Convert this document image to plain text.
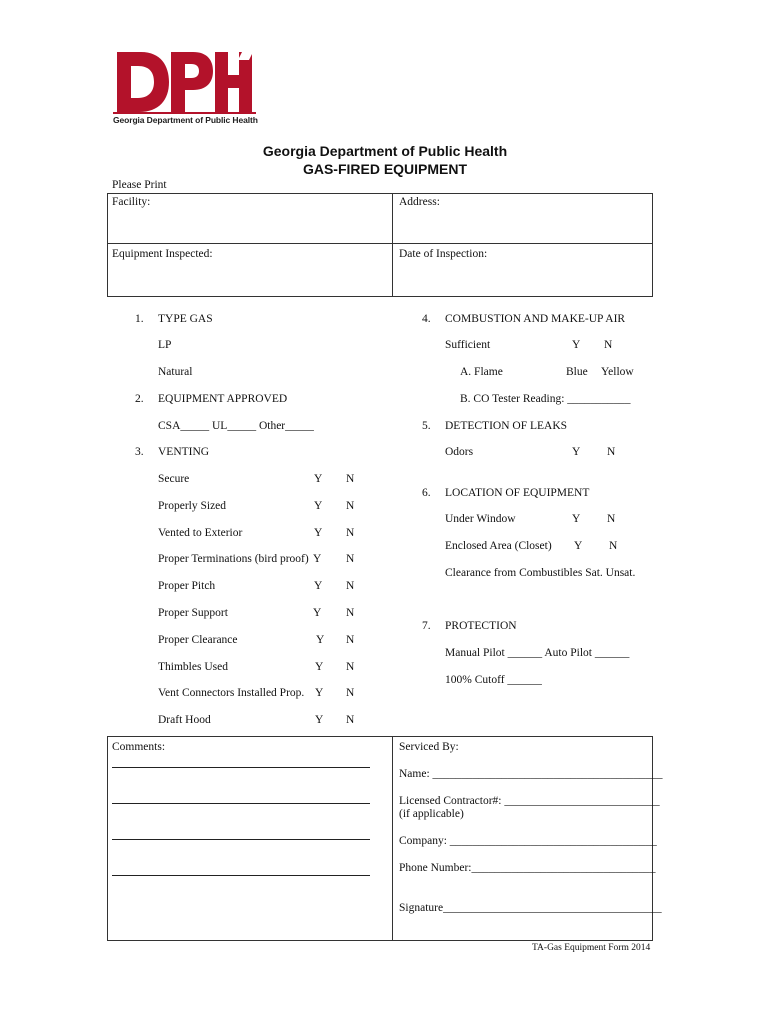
Georgia Department of Public Health
Georgia Department of Public Health
GAS-FIRED EQUIPMENT
Please Print
Facility:	Address:
Equipment Inspected:	Date of Inspection:
1. TYPE GAS
LP
Natural
2. EQUIPMENT APPROVED
CSA_____ UL_____ Other_____
3. VENTING
Secure	Y N
Properly Sized	Y N
Vented to Exterior	Y N
Proper Terminations (bird proof) Y N
Proper Pitch	Y N
Proper Support	Y N
Proper Clearance	Y N
Thimbles Used	Y N
Vent Connectors Installed Prop. Y N
Draft Hood	Y N
4. COMBUSTION AND MAKE-UP AIR
Sufficient	Y N
A. Flame	Blue Yellow
B. CO Tester Reading: ___________
5. DETECTION OF LEAKS
Odors	Y N
6. LOCATION OF EQUIPMENT
Under Window	Y N
Enclosed Area (Closet) Y N
Clearance from Combustibles Sat. Unsat.
7. PROTECTION
Manual Pilot ______ Auto Pilot ______
100% Cutoff ______
Comments:	Serviced By:
Name: ________________________________________
Licensed Contractor#: ___________________________
(if applicable)
Company: ____________________________________
Phone Number:________________________________
Signature______________________________________
TA-Gas Equipment Form 2014
